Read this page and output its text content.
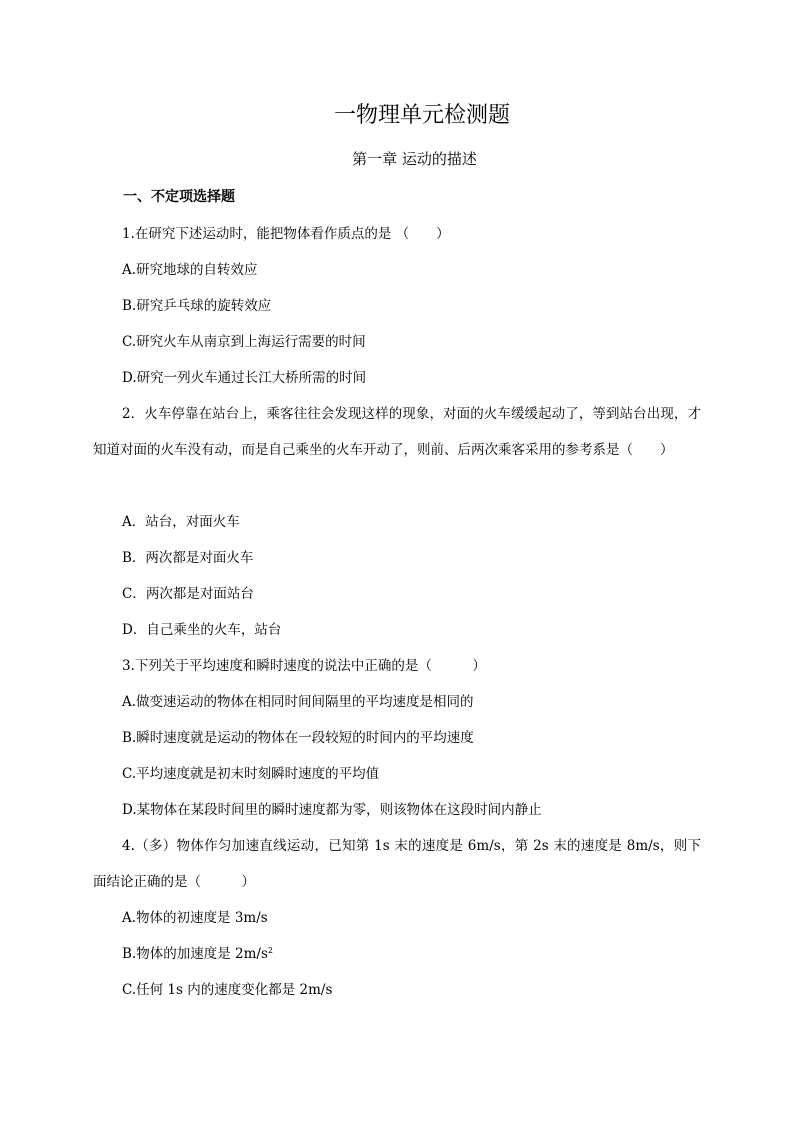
一物理单元检测题
第一章 运动的描述
一、不定项选择题
1.在研究下述运动时，能把物体看作质点的是 （　　）
A.研究地球的自转效应
B.研究乒乓球的旋转效应
C.研究火车从南京到上海运行需要的时间
D.研究一列火车通过长江大桥所需的时间
2．火车停靠在站台上，乘客往往会发现这样的现象，对面的火车缓缓起动了，等到站台出现，才知道对面的火车没有动，而是自己乘坐的火车开动了，则前、后两次乘客采用的参考系是（　　）
A．站台，对面火车
B．两次都是对面火车
C．两次都是对面站台
D．自己乘坐的火车，站台
3.下列关于平均速度和瞬时速度的说法中正确的是（　　　）
A.做变速运动的物体在相同时间间隔里的平均速度是相同的
B.瞬时速度就是运动的物体在一段较短的时间内的平均速度
C.平均速度就是初末时刻瞬时速度的平均值
D.某物体在某段时间里的瞬时速度都为零，则该物体在这段时间内静止
4.（多）物体作匀加速直线运动，已知第 1s 末的速度是 6m/s，第 2s 末的速度是 8m/s，则下面结论正确的是（　　　）
A.物体的初速度是 3m/s
B.物体的加速度是 $2m/s^2$
C.任何 1s 内的速度变化都是 2m/s
